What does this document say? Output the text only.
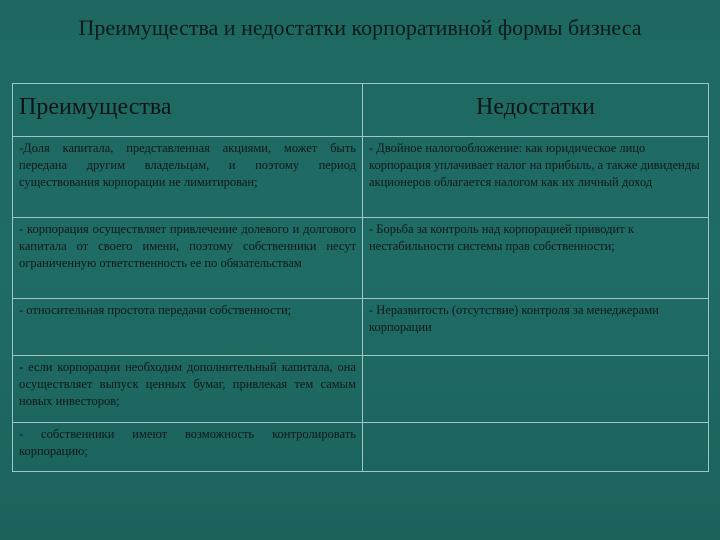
Преимущества и недостатки корпоративной формы бизнеса
Преимущества	Недостатки
-Доля капитала, представленная акциями, может быть передана другим владельцам, и поэтому период существования корпорации не лимитирован;
- Двойное налогообложение: как юридическое лицо корпорация уплачивает налог на прибыль, а также дивиденды акционеров облагается налогом как их личный доход
- корпорация осуществляет привлечение долевого и долгового капитала от своего имени, поэтому собственники несут ограниченную ответственность ее по обязательствам
- Борьба за контроль над корпорацией приводит к нестабильности системы прав собственности;
- относительная простота передачи собственности;	- Неразвитость (отсутствие) контроля за менеджерами корпорации
- если корпорации необходим дополнительный капитала, она осуществляет выпуск ценных бумаг, привлекая тем самым новых инвесторов;
- собственники имеют возможность контролировать корпорацию;
